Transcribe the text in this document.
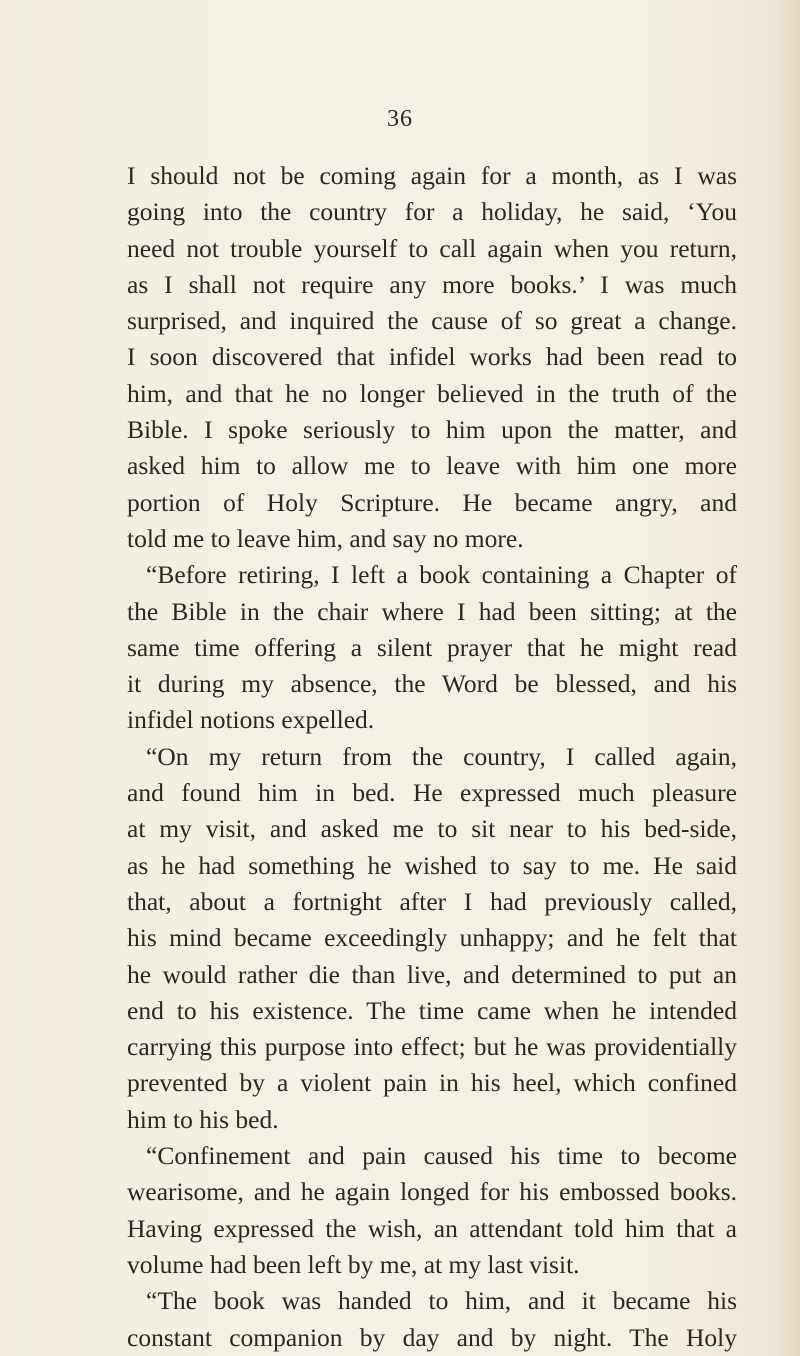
36
I should not be coming again for a month, as I was
going into the country for a holiday, he said, ‘You
need not trouble yourself to call again when you return,
as I shall not require any more books.’ I was much
surprised, and inquired the cause of so great a change.
I soon discovered that infidel works had been read to
him, and that he no longer believed in the truth of the
Bible. I spoke seriously to him upon the matter, and
asked him to allow me to leave with him one more
portion of Holy Scripture. He became angry, and
told me to leave him, and say no more.
“Before retiring, I left a book containing a Chapter of
the Bible in the chair where I had been sitting; at the
same time offering a silent prayer that he might read
it during my absence, the Word be blessed, and his
infidel notions expelled.
“On my return from the country, I called again,
and found him in bed. He expressed much pleasure
at my visit, and asked me to sit near to his bed-side,
as he had something he wished to say to me. He said
that, about a fortnight after I had previously called,
his mind became exceedingly unhappy; and he felt that
he would rather die than live, and determined to put an
end to his existence. The time came when he intended
carrying this purpose into effect; but he was providentially
prevented by a violent pain in his heel, which confined
him to his bed.
“Confinement and pain caused his time to become
wearisome, and he again longed for his embossed books.
Having expressed the wish, an attendant told him that a
volume had been left by me, at my last visit.
“The book was handed to him, and it became his
constant companion by day and by night. The Holy
